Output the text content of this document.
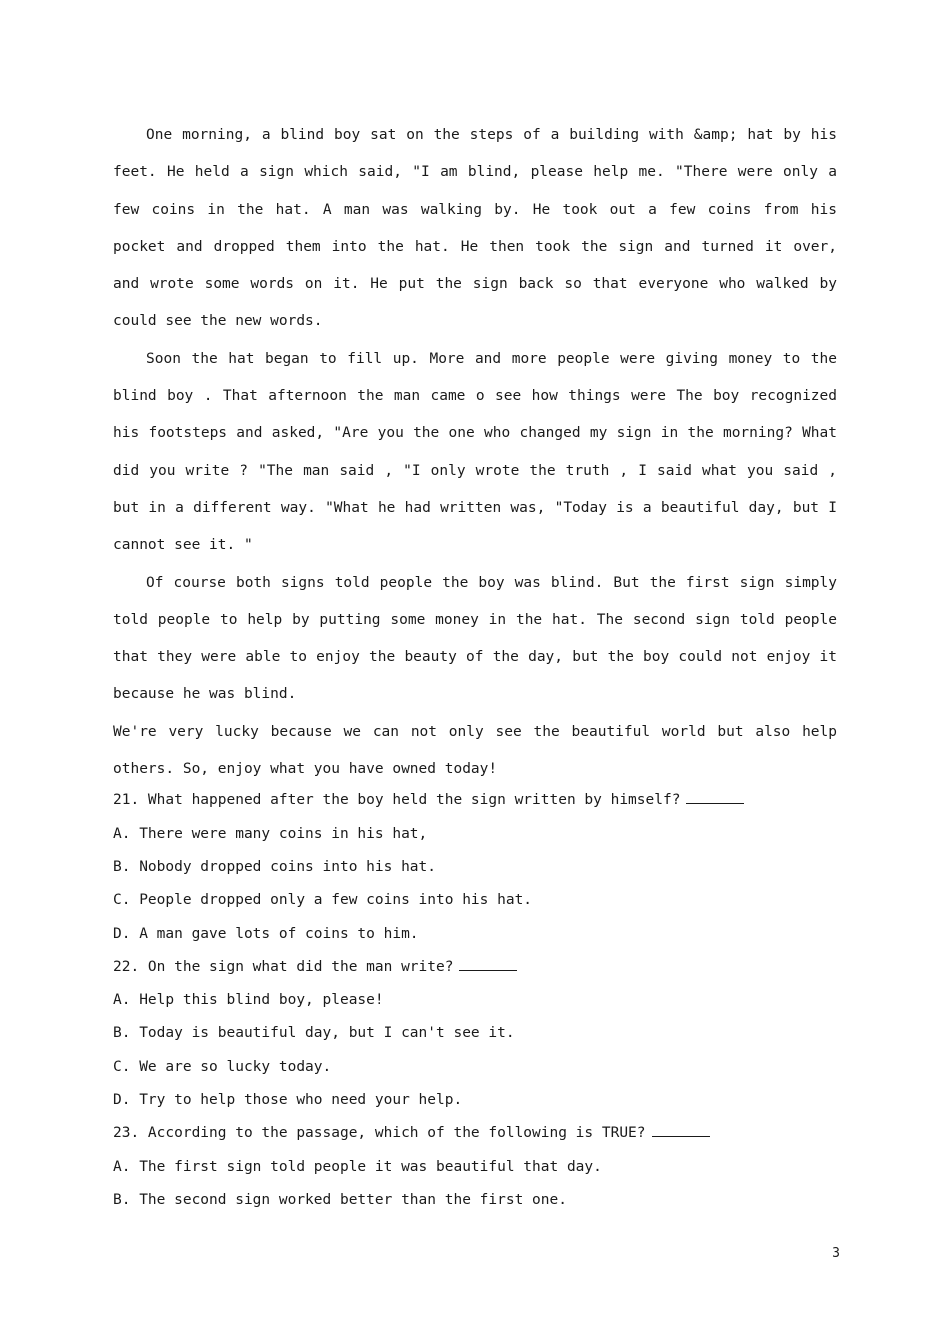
One morning, a blind boy sat on the steps of a building with &amp; hat by his feet. He held a sign which said, "I am blind, please help me. "There were only a few coins in the hat. A man was walking by. He took out a few coins from his pocket and dropped them into the hat. He then took the sign and turned it over, and wrote some words on it. He put the sign back so that everyone who walked by could see the new words.

Soon the hat began to fill up. More and more people were giving money to the blind boy . That afternoon the man came o see how things were The boy recognized his footsteps and asked, "Are you the one who changed my sign in the morning? What did you write ? "The man said , "I only wrote the truth , I said what you said , but in a different way. "What he had written was, "Today is a beautiful day, but I cannot see it. "

Of course both signs told people the boy was blind. But the first sign simply told people to help by putting some money in the hat. The second sign told people that they were able to enjoy the beauty of the day, but the boy could not enjoy it because he was blind.

We're very lucky because we can not only see the beautiful world but also help others. So, enjoy what you have owned today!

21. What happened after the boy held the sign written by himself?

A. There were many coins in his hat,

B. Nobody dropped coins into his hat.

C. People dropped only a few coins into his hat.

D. A man gave lots of coins to him.

22. On the sign what did the man write?

A. Help this blind boy, please!

B. Today is beautiful day, but I can't see it.

C. We are so lucky today.

D. Try to help those who need your help.

23. According to the passage, which of the following is TRUE?

A. The first sign told people it was beautiful that day.

B. The second sign worked better than the first one.

3
